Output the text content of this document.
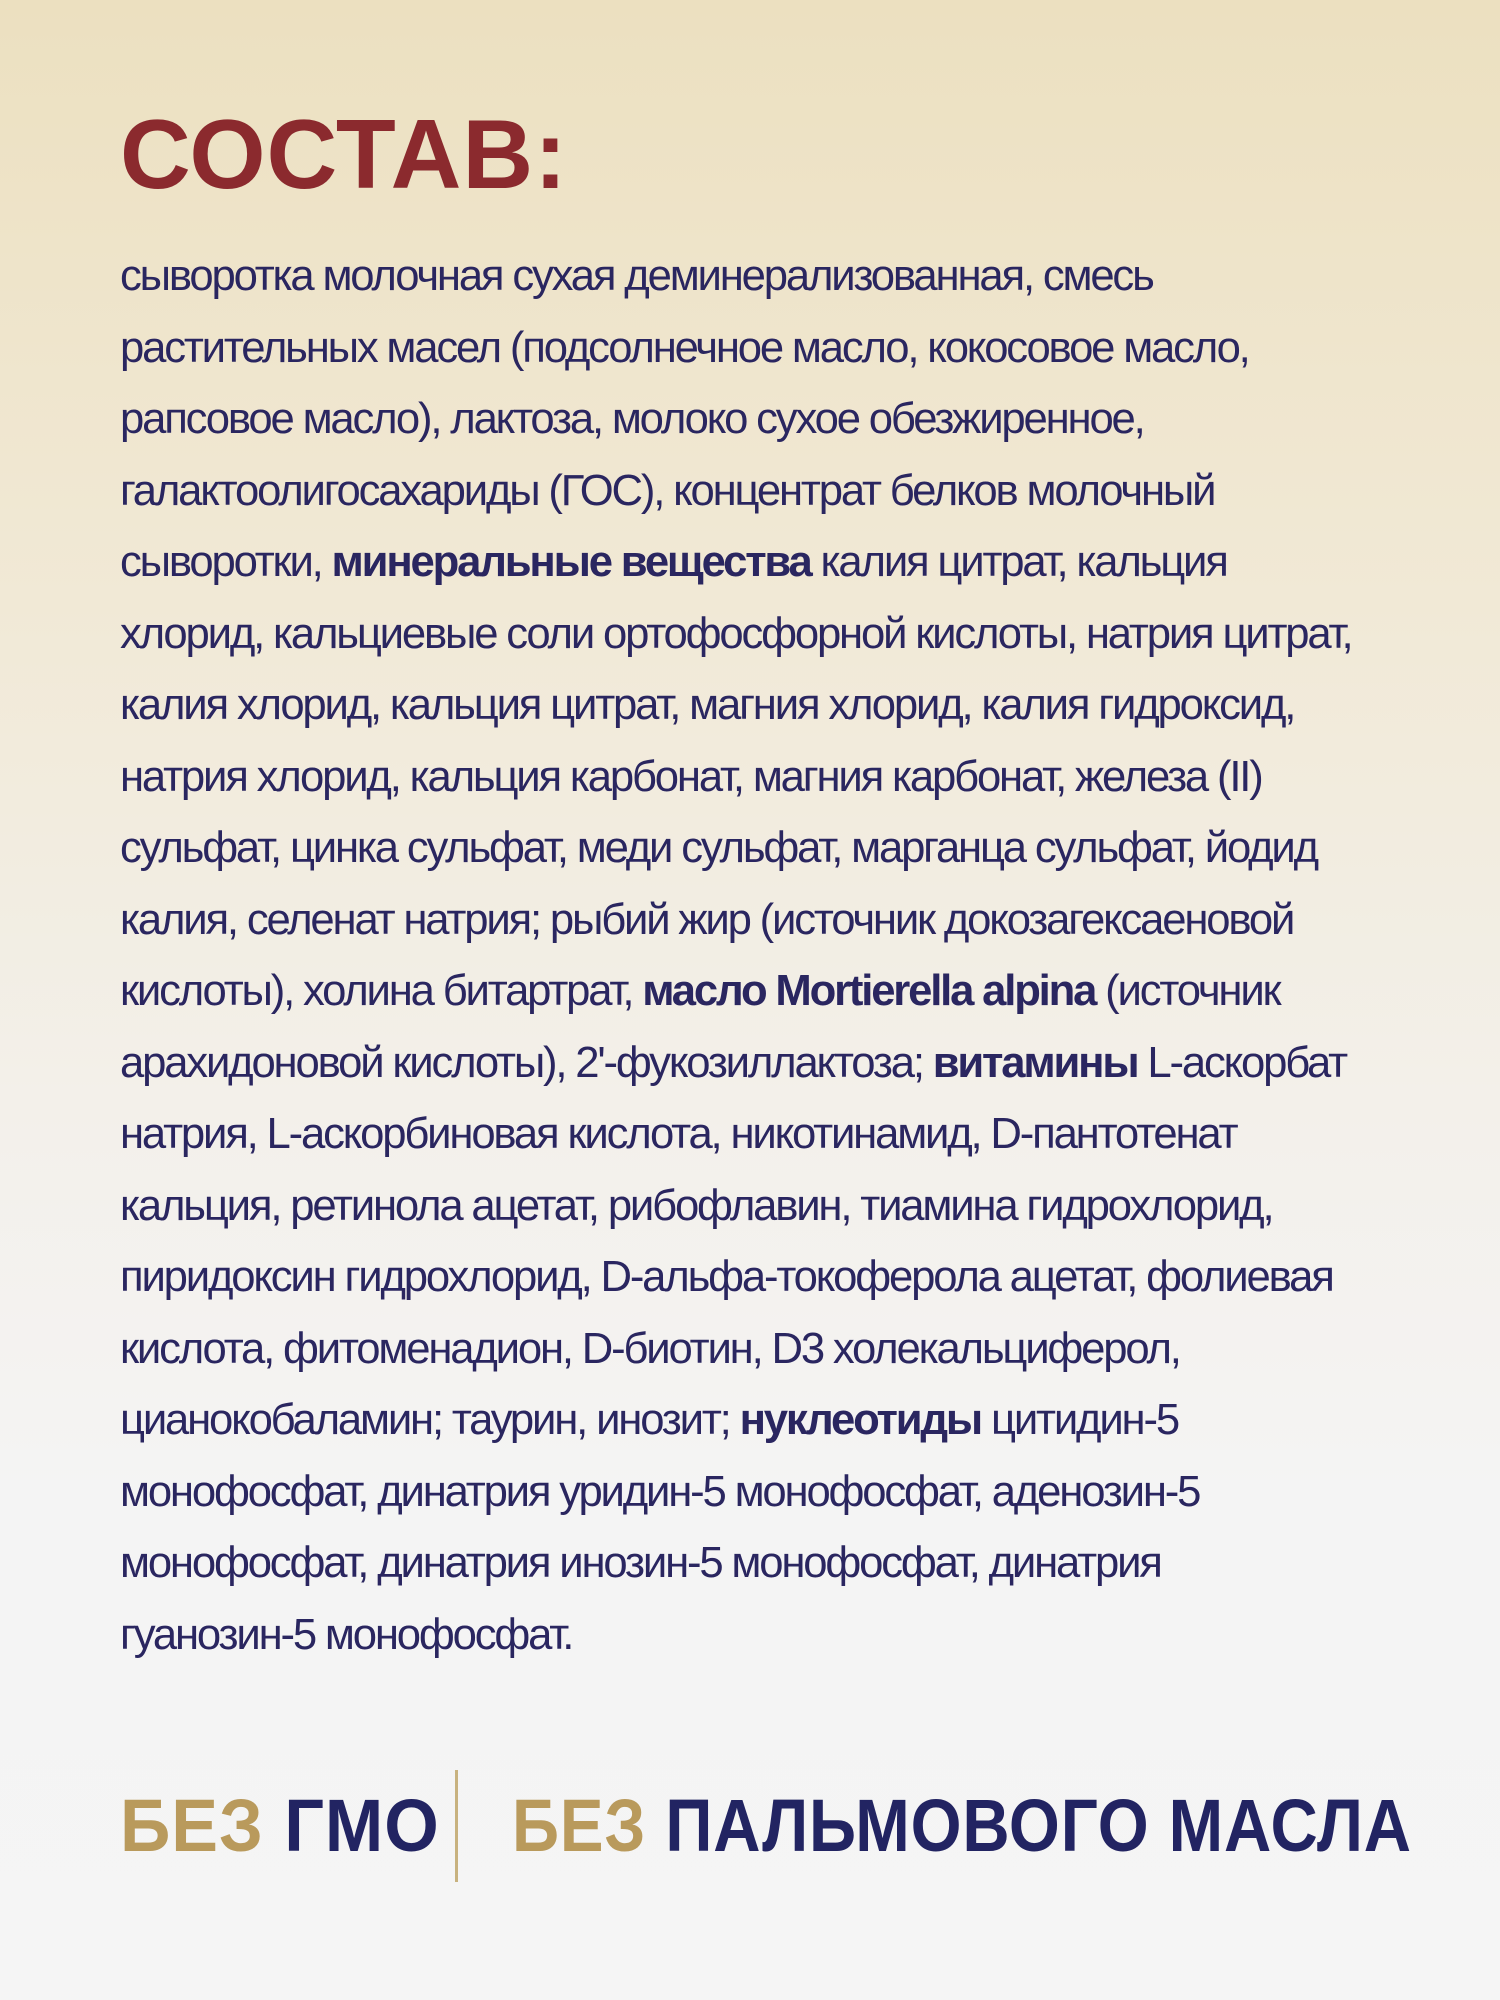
СОСТАВ:
сыворотка молочная сухая деминерализованная, смесь
растительных масел (подсолнечное масло, кокосовое масло,
рапсовое масло), лактоза, молоко сухое обезжиренное,
галактоолигосахариды (ГОС), концентрат белков молочный
сыворотки, минеральные вещества калия цитрат, кальция
хлорид, кальциевые соли ортофосфорной кислоты, натрия цитрат,
калия хлорид, кальция цитрат, магния хлорид, калия гидроксид,
натрия хлорид, кальция карбонат, магния карбонат, железа (II)
сульфат, цинка сульфат, меди сульфат, марганца сульфат, йодид
калия, селенат натрия; рыбий жир (источник докозагексаеновой
кислоты), холина битартрат, масло Mortierella alpina (источник
арахидоновой кислоты), 2'-фукозиллактоза; витамины L-аскорбат
натрия, L-аскорбиновая кислота, никотинамид, D-пантотенат
кальция, ретинола ацетат, рибофлавин, тиамина гидрохлорид,
пиридоксин гидрохлорид, D-альфа-токоферола ацетат, фолиевая
кислота, фитоменадион, D-биотин, D3 холекальциферол,
цианокобаламин; таурин, инозит; нуклеотиды цитидин-5
монофосфат, динатрия уридин-5 монофосфат, аденозин-5
монофосфат, динатрия инозин-5 монофосфат, динатрия
гуанозин-5 монофосфат.
БЕЗ ГМО БЕЗ ПАЛЬМОВОГО МАСЛА
